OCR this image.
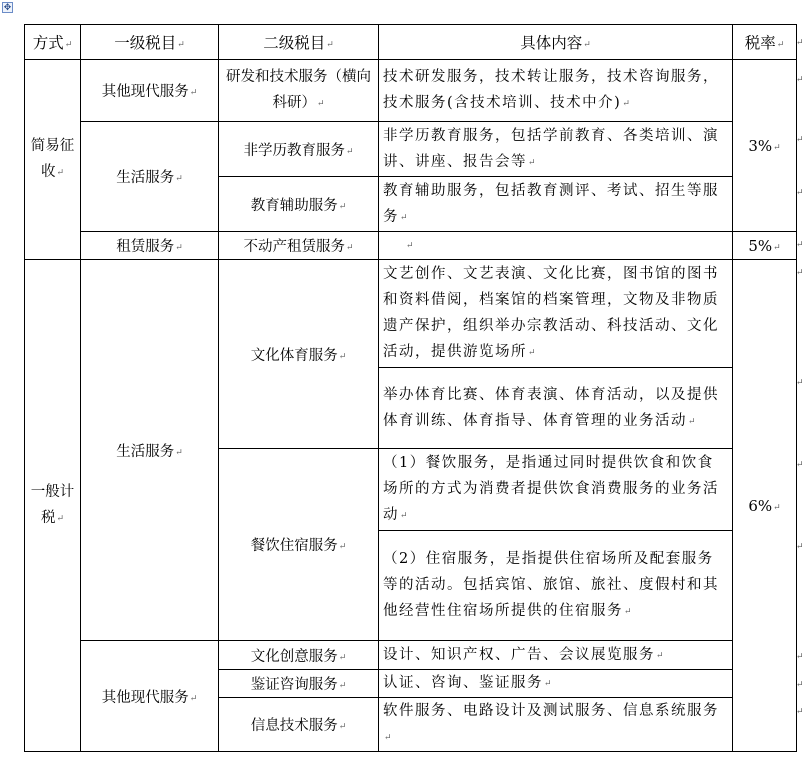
✥
方式↵	一级税目↵	二级税目↵	具体内容↵	税率↵
简易征收↵	其他现代服务↵	研发和技术服务（横向科研）↵	技术研发服务，技术转让服务，技术咨询服务，技术服务(含技术培训、技术中介)↵	3%↵
	生活服务↵	非学历教育服务↵	非学历教育服务，包括学前教育、各类培训、演讲、讲座、报告会等↵	
		教育辅助服务↵	教育辅助服务，包括教育测评、考试、招生等服务↵	
	租赁服务↵	不动产租赁服务↵	↵	5%↵
一般计税↵	生活服务↵	文化体育服务↵	文艺创作、文艺表演、文化比赛，图书馆的图书和资料借阅，档案馆的档案管理，文物及非物质遗产保护，组织举办宗教活动、科技活动、文化活动，提供游览场所↵	6%↵
			举办体育比赛、体育表演、体育活动，以及提供体育训练、体育指导、体育管理的业务活动↵	
		餐饮住宿服务↵	（1）餐饮服务，是指通过同时提供饮食和饮食场所的方式为消费者提供饮食消费服务的业务活动↵	
			（2）住宿服务，是指提供住宿场所及配套服务等的活动。包括宾馆、旅馆、旅社、度假村和其他经营性住宿场所提供的住宿服务↵	
	其他现代服务↵	文化创意服务↵	设计、知识产权、广告、会议展览服务↵	
		鉴证咨询服务↵	认证、咨询、鉴证服务↵	
		信息技术服务↵	软件服务、电路设计及测试服务、信息系统服务↵	
↵
↵
↵
↵
↵
↵
↵
↵
↵
↵
↵
↵
